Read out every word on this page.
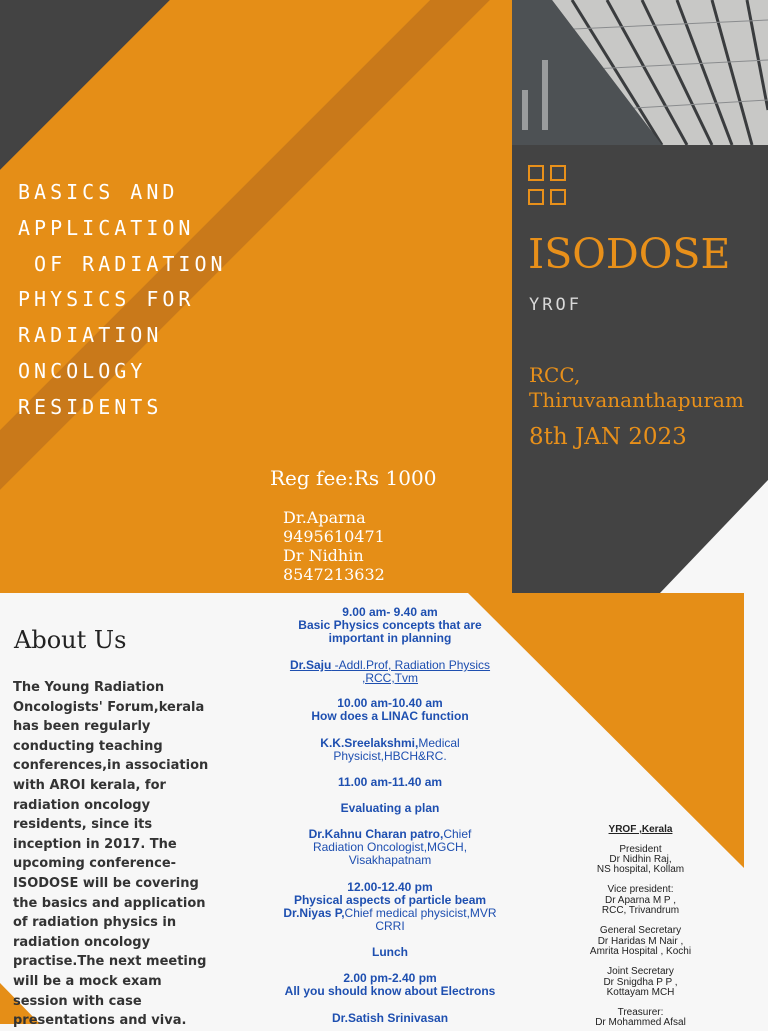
ISODOSE
YROF
RCC,
Thiruvananthapuram
8th JAN 2023
BASICS AND
APPLICATION
OF RADIATION
PHYSICS FOR
RADIATION
ONCOLOGY
RESIDENTS
Reg fee:Rs 1000
Dr.Aparna
9495610471
Dr Nidhin
8547213632
About Us
The Young Radiation Oncologists' Forum,kerala has been regularly conducting teaching conferences,in association with AROI kerala, for radiation oncology residents, since its inception in 2017. The upcoming conference- ISODOSE will be covering the basics and application of radiation physics in radiation oncology practise.The next meeting will be a mock exam session with case presentations and viva.
9.00 am- 9.40 am
Basic Physics concepts that are important in planning
Dr.Saju -Addl.Prof, Radiation Physics ,RCC,Tvm
10.00 am-10.40 am
How does a LINAC function
K.K.Sreelakshmi,Medical Physicist,HBCH&RC.
11.00 am-11.40 am
Evaluating a plan
Dr.Kahnu Charan patro,Chief Radiation Oncologist,MGCH, Visakhapatnam
12.00-12.40 pm
Physical aspects of particle beam
Dr.Niyas P,Chief medical physicist,MVR CRRI
Lunch
2.00 pm-2.40 pm
All you should know about Electrons
Dr.Satish Srinivasan
YROF ,Kerala
President
Dr Nidhin Raj,
NS hospital, Kollam
Vice president:
Dr Aparna M P ,
RCC, Trivandrum
General Secretary
Dr Haridas M Nair ,
Amrita Hospital , Kochi
Joint Secretary
Dr Snigdha P P ,
Kottayam MCH
Treasurer:
Dr Mohammed Afsal
